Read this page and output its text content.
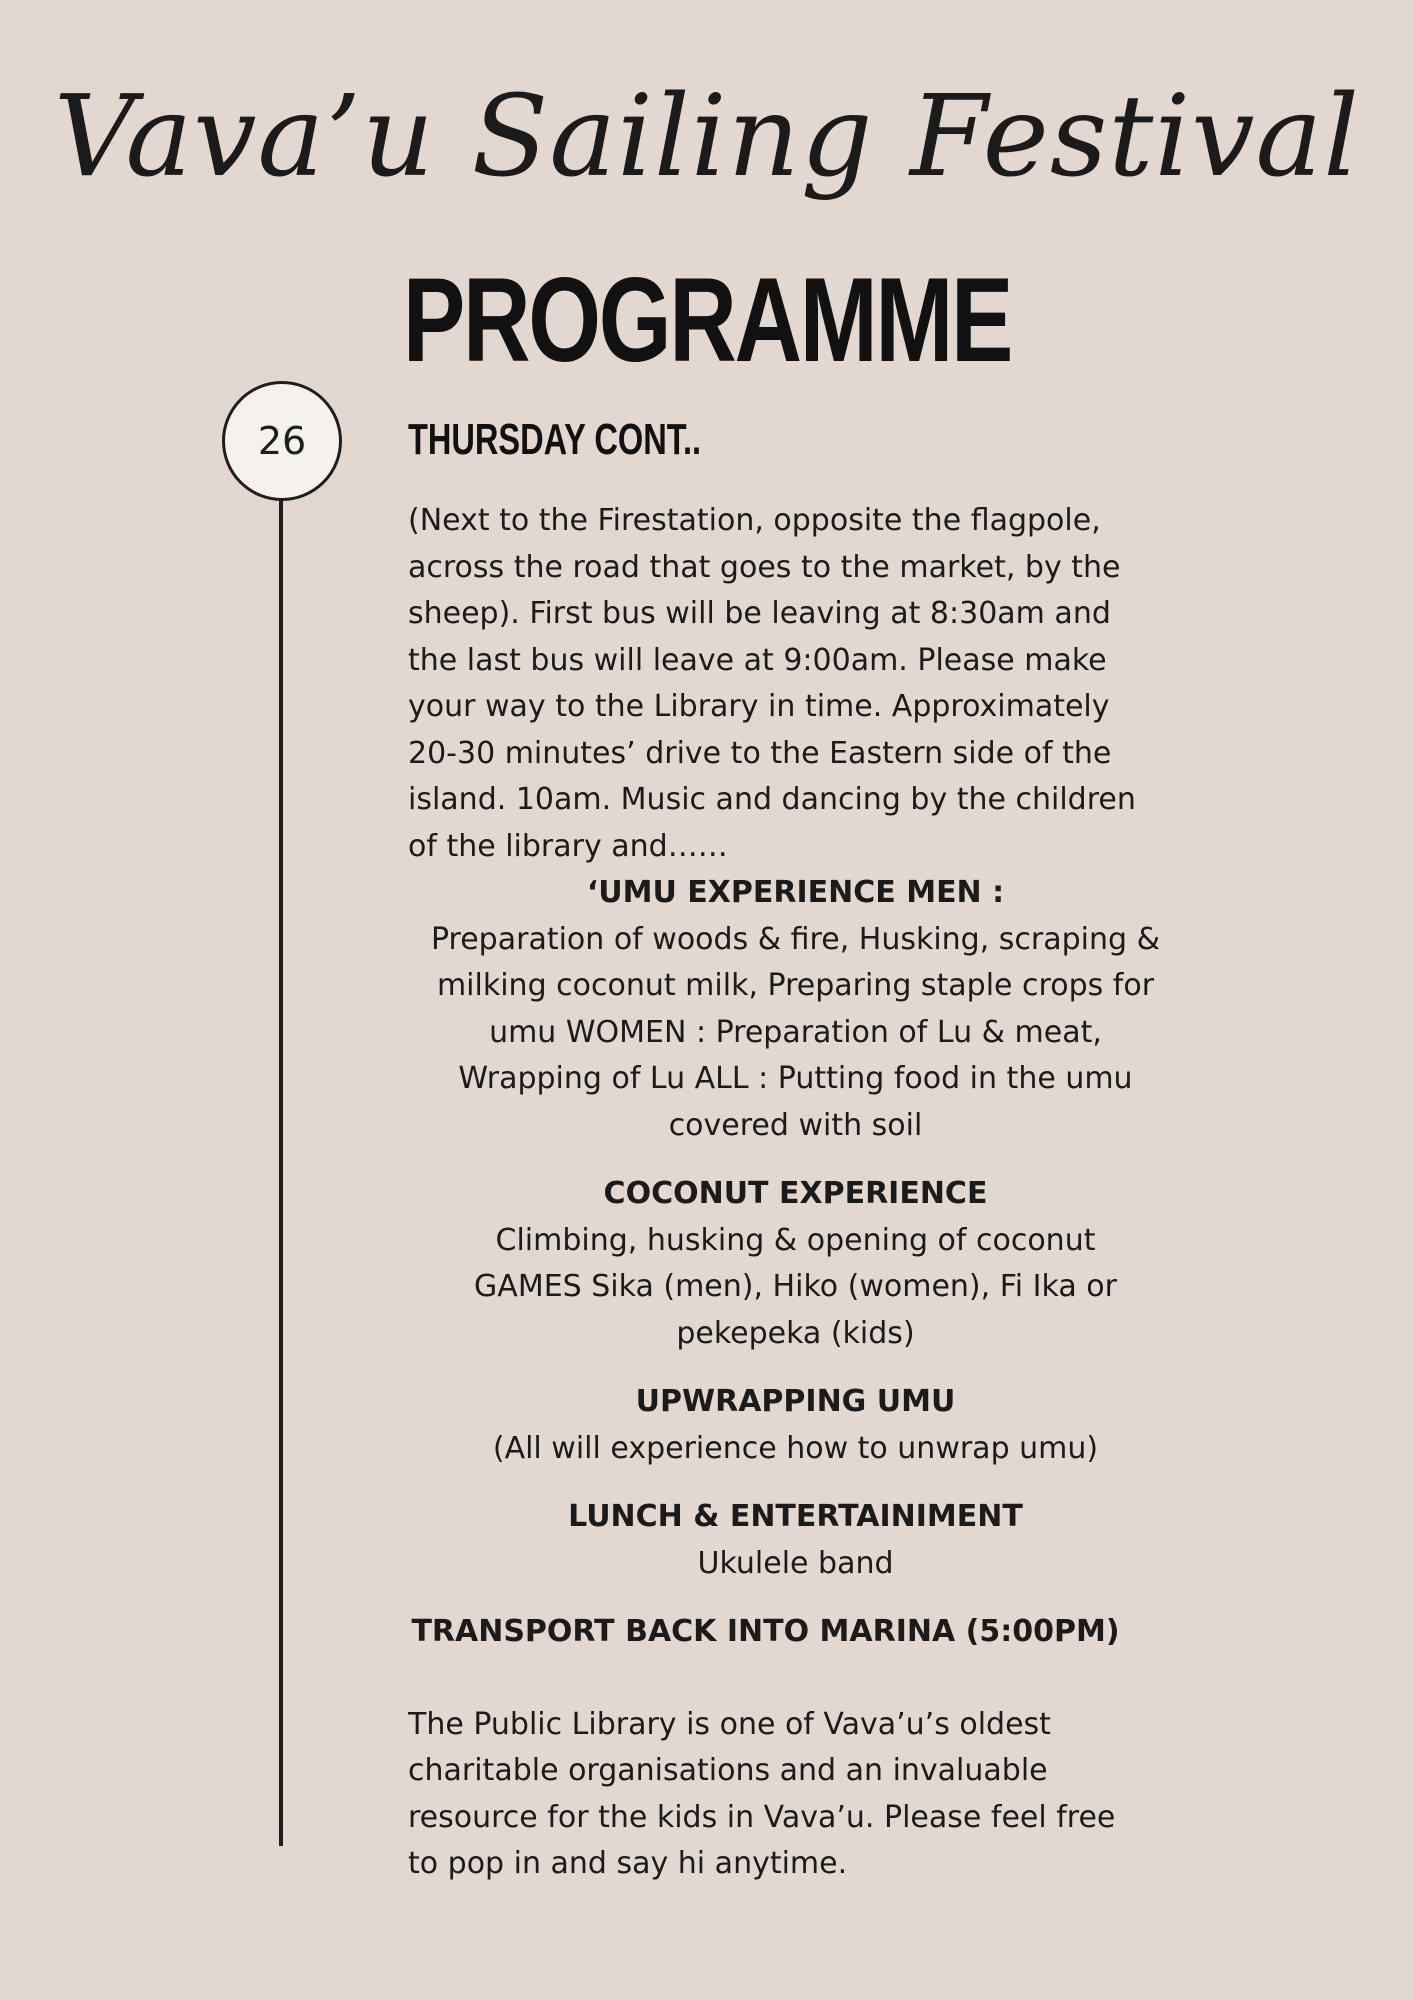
Vava’u Sailing Festival
PROGRAMME
26 THURSDAY CONT..

(Next to the Firestation, opposite the flagpole,
across the road that goes to the market, by the
sheep). First bus will be leaving at 8:30am and
the last bus will leave at 9:00am. Please make
your way to the Library in time. Approximately
20-30 minutes’ drive to the Eastern side of the
island. 10am. Music and dancing by the children
of the library and……

‘UMU EXPERIENCE MEN :
Preparation of woods & fire, Husking, scraping &
milking coconut milk, Preparing staple crops for
umu WOMEN : Preparation of Lu & meat,
Wrapping of Lu ALL : Putting food in the umu
covered with soil
COCONUT EXPERIENCE
Climbing, husking & opening of coconut
GAMES Sika (men), Hiko (women), Fi Ika or
pekepeka (kids)
UPWRAPPING UMU
(All will experience how to unwrap umu)
LUNCH & ENTERTAINIMENT
Ukulele band
TRANSPORT BACK INTO MARINA (5:00PM)

The Public Library is one of Vava’u’s oldest
charitable organisations and an invaluable
resource for the kids in Vava’u. Please feel free
to pop in and say hi anytime.
